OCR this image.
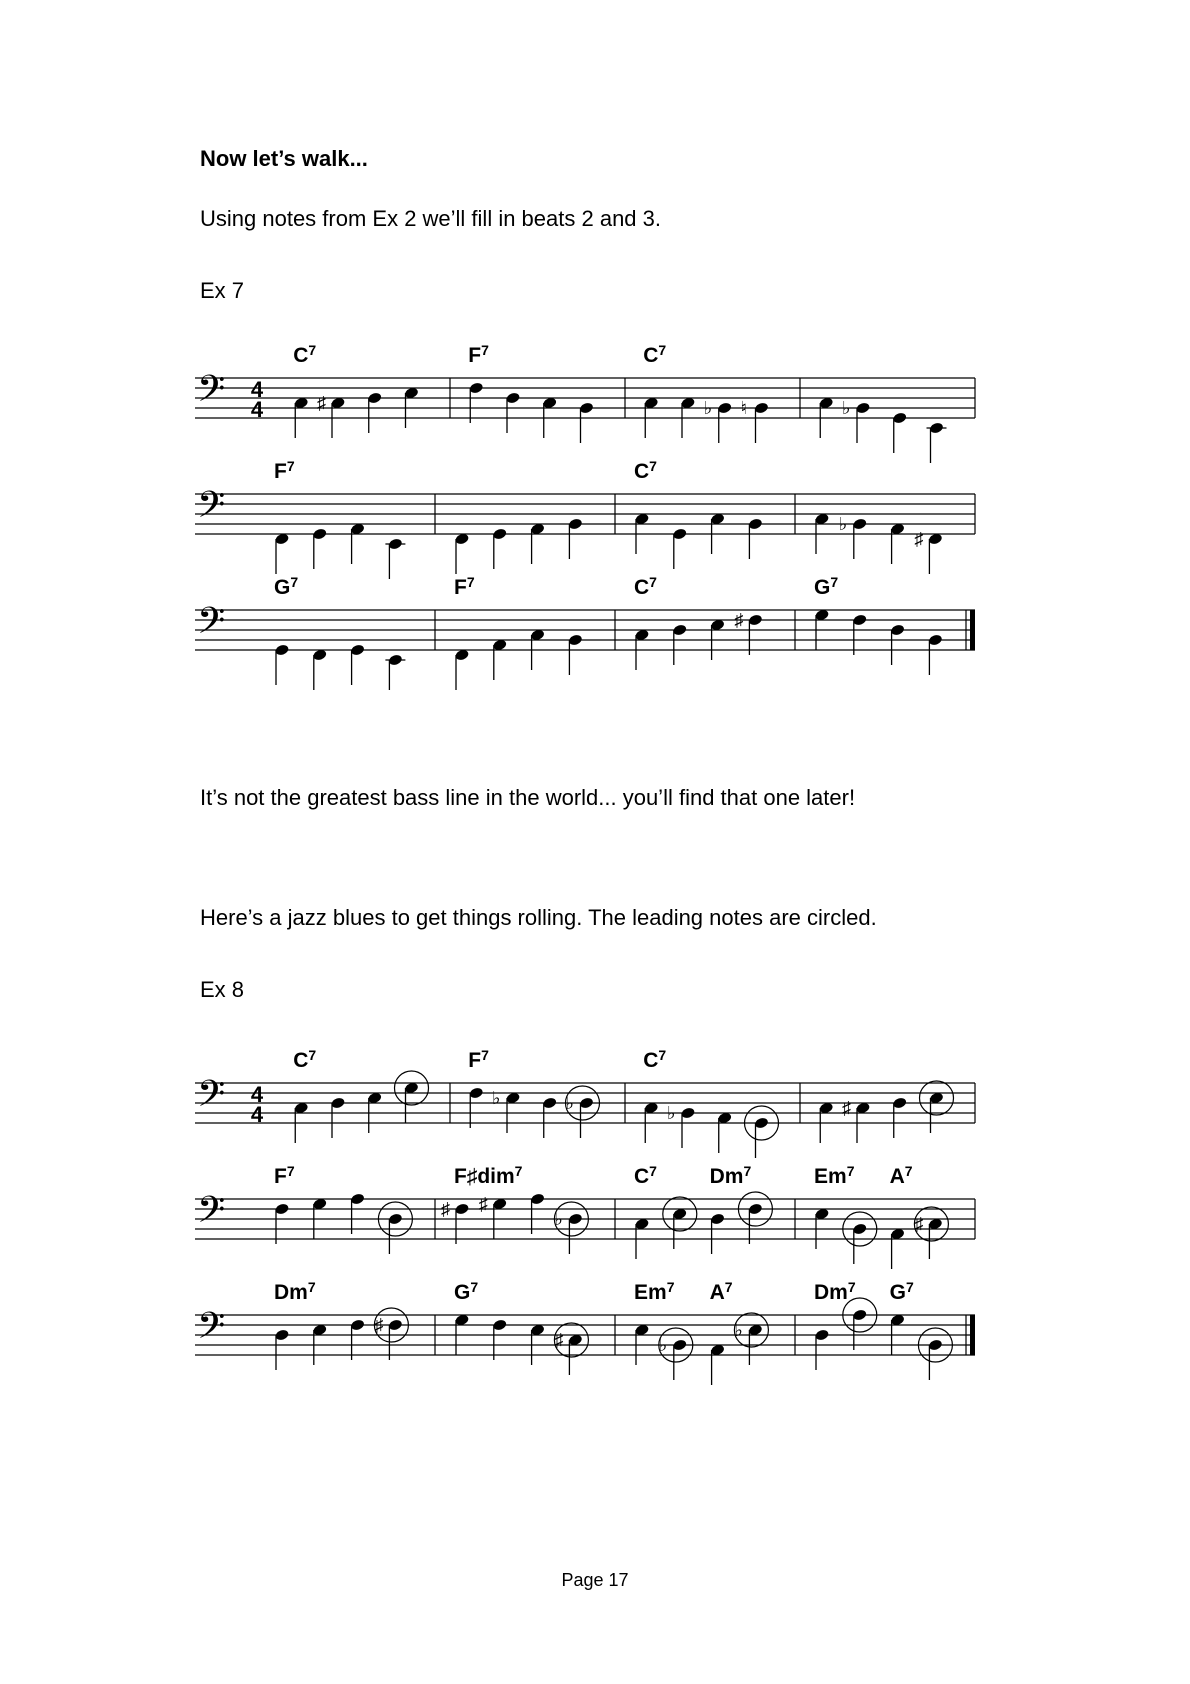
Now let’s walk...
Using notes from Ex 2 we’ll fill in beats 2 and 3.
Ex 7
𝄢 4
4
$C^7$
♯
$F^7$	$C^7$
♭ ♮	♭
𝄢
$F^7$	$C^7$
♭
♯
𝄢
$G^7$	$F^7$	$C^7$
♯
$G^7$
It’s not the greatest bass line in the world... you’ll find that one later!
Here’s a jazz blues to get things rolling. The leading notes are circled.
Ex 8
𝄢 4
4
$C^7$	$F^7$
♭	♭
$C^7$
♭	♯
𝄢
$F^7$	F♯dim$^7$
♯ ♯
♭
$C^7$	Dm$^7$	Em$^7$ $A^7$
♯
𝄢
Dm$^7$
♯
$G^7$
♯
Em$^7$ $A^7$
♭
♭
Dm$^7$ $G^7$
Page 17
